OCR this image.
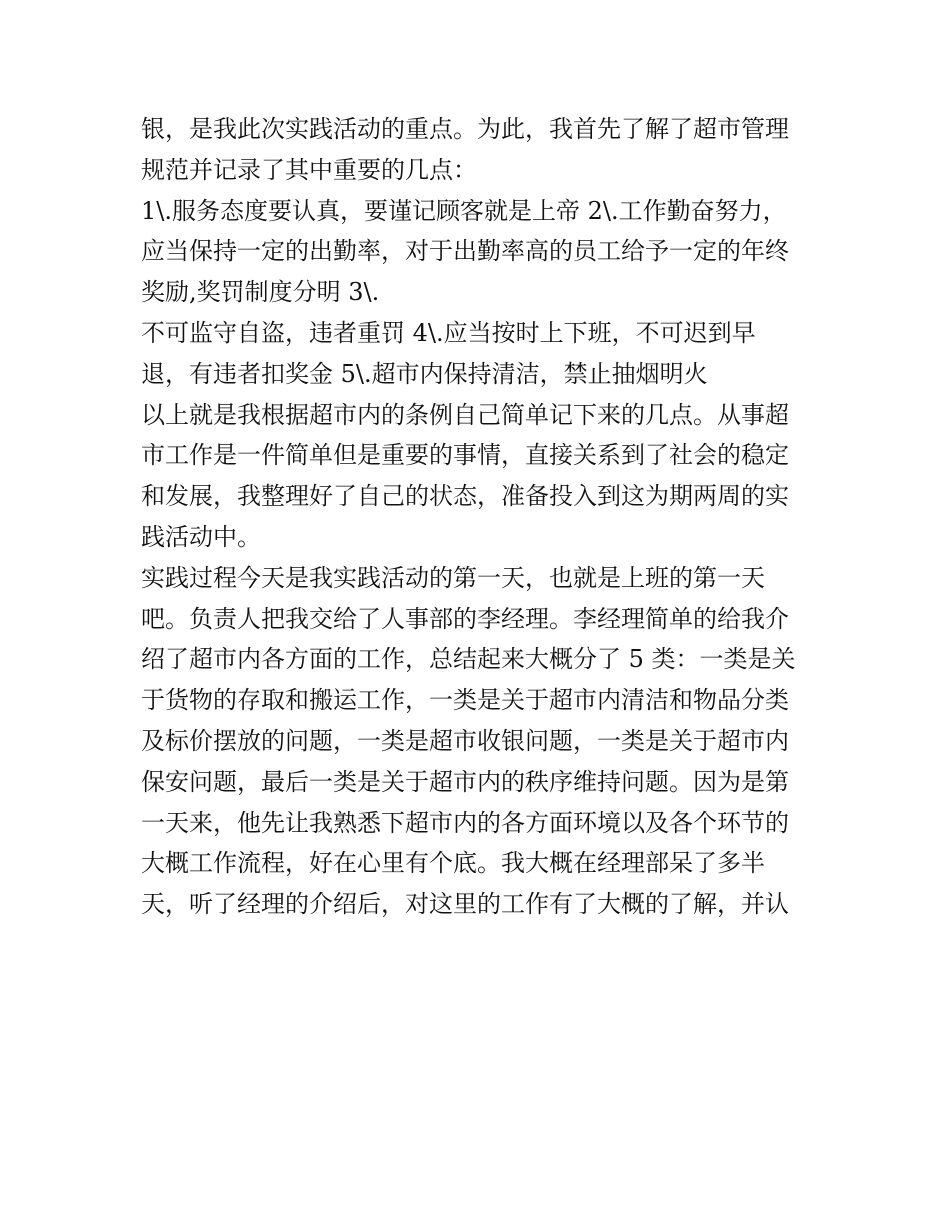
银，是我此次实践活动的重点。为此，我首先了解了超市管理
规范并记录了其中重要的几点：
1\.服务态度要认真，要谨记顾客就是上帝 2\.工作勤奋努力，
应当保持一定的出勤率，对于出勤率高的员工给予一定的年终
奖励,奖罚制度分明 3\.
不可监守自盗，违者重罚 4\.应当按时上下班，不可迟到早
退，有违者扣奖金 5\.超市内保持清洁，禁止抽烟明火
以上就是我根据超市内的条例自己简单记下来的几点。从事超
市工作是一件简单但是重要的事情，直接关系到了社会的稳定
和发展，我整理好了自己的状态，准备投入到这为期两周的实
践活动中。
实践过程今天是我实践活动的第一天，也就是上班的第一天
吧。负责人把我交给了人事部的李经理。李经理简单的给我介
绍了超市内各方面的工作，总结起来大概分了 5 类：一类是关
于货物的存取和搬运工作，一类是关于超市内清洁和物品分类
及标价摆放的问题，一类是超市收银问题，一类是关于超市内
保安问题，最后一类是关于超市内的秩序维持问题。因为是第
一天来，他先让我熟悉下超市内的各方面环境以及各个环节的
大概工作流程，好在心里有个底。我大概在经理部呆了多半
天，听了经理的介绍后，对这里的工作有了大概的了解，并认
